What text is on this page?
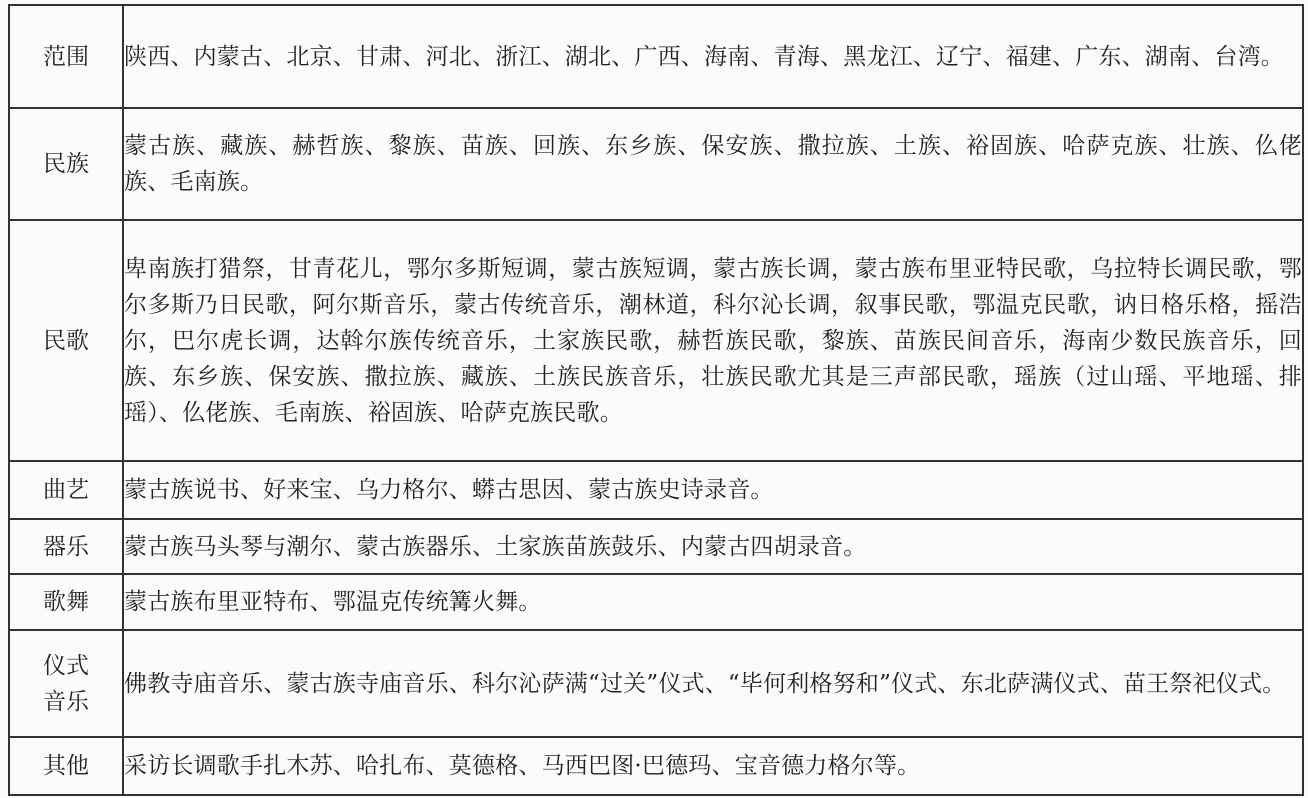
范围	陕西、内蒙古、北京、甘肃、河北、浙江、湖北、广西、海南、青海、黑龙江、辽宁、福建、广东、湖南、台湾。

民族	蒙古族、藏族、赫哲族、黎族、苗族、回族、东乡族、保安族、撒拉族、土族、裕固族、哈萨克族、壮族、仫佬族、毛南族。

民歌	卑南族打猎祭，甘青花儿，鄂尔多斯短调，蒙古族短调，蒙古族长调，蒙古族布里亚特民歌，乌拉特长调民歌，鄂尔多斯乃日民歌，阿尔斯音乐，蒙古传统音乐，潮林道，科尔沁长调，叙事民歌，鄂温克民歌，讷日格乐格，摇浩尔，巴尔虎长调，达斡尔族传统音乐，土家族民歌，赫哲族民歌，黎族、苗族民间音乐，海南少数民族音乐，回族、东乡族、保安族、撒拉族、藏族、土族民族音乐，壮族民歌尤其是三声部民歌，瑶族（过山瑶、平地瑶、排瑶）、仫佬族、毛南族、裕固族、哈萨克族民歌。

曲艺	蒙古族说书、好来宝、乌力格尔、蟒古思因、蒙古族史诗录音。

器乐	蒙古族马头琴与潮尔、蒙古族器乐、土家族苗族鼓乐、内蒙古四胡录音。

歌舞	蒙古族布里亚特布、鄂温克传统篝火舞。

仪式
音乐	佛教寺庙音乐、蒙古族寺庙音乐、科尔沁萨满“过关”仪式、“毕何利格努和”仪式、东北萨满仪式、苗王祭祀仪式。

其他	采访长调歌手扎木苏、哈扎布、莫德格、马西巴图·巴德玛、宝音德力格尔等。
